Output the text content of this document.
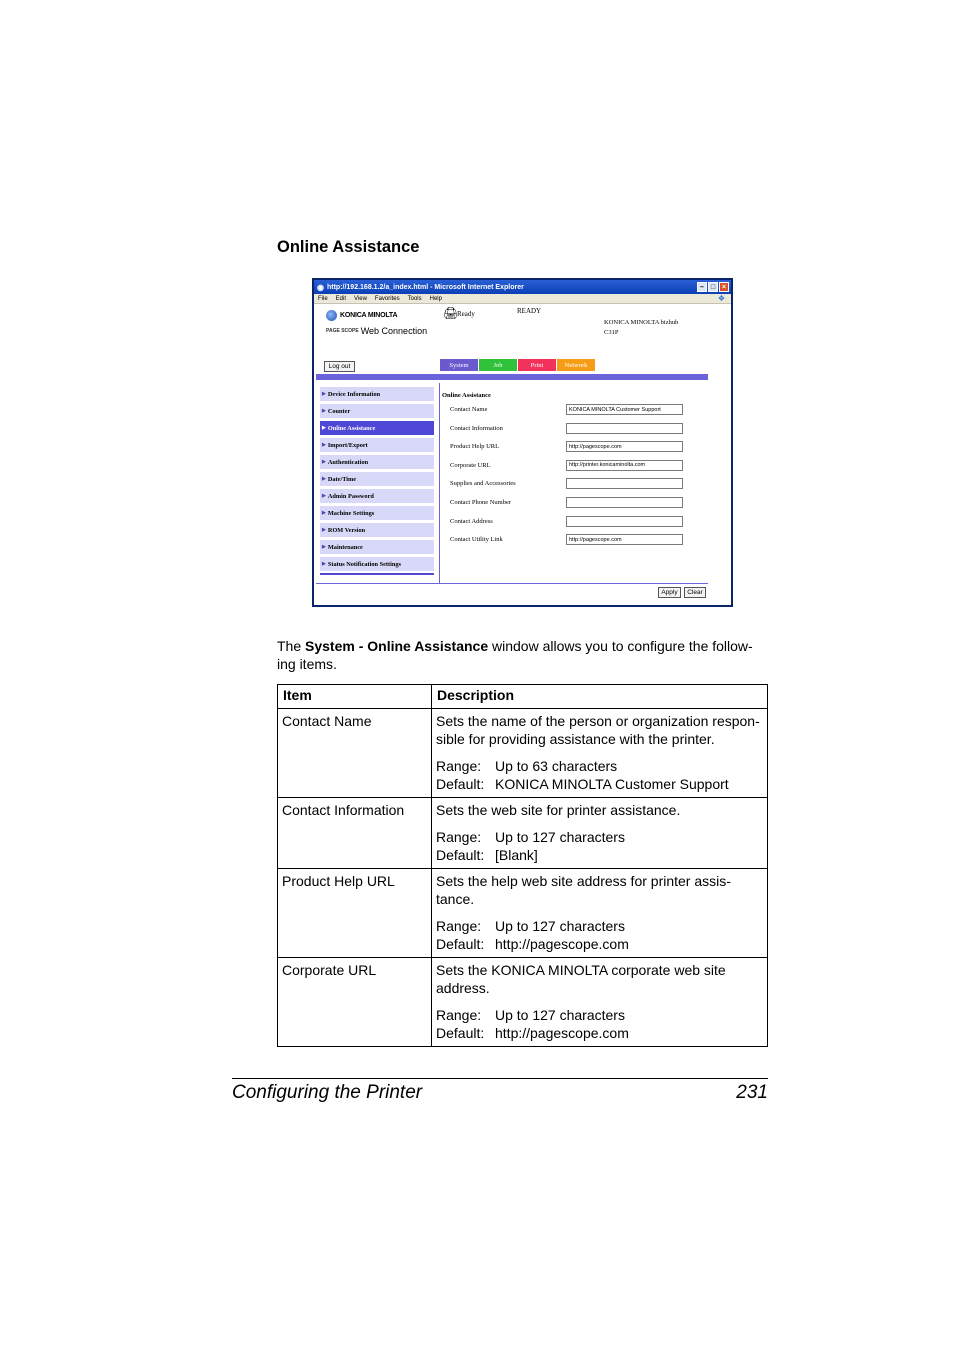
Online Assistance
◉ http://192.168.1.2/a_index.html - Microsoft Internet Explorer	– □ ×
File Edit View Favorites Tools Help	❖
KONICA MINOLTA
PAGE SCOPE Web Connection
🖨
Ready	READY
KONICA MINOLTA bizhub
C31P
Log out	System	Job	Print	Network
▶ Device Information
▶ Counter
▶ Online Assistance
▶ Import/Export
▶ Authentication
▶ Date/Time
▶ Admin Password
▶ Machine Settings
▶ ROM Version
▶ Maintenance
▶ Status Notification Settings
Online Assistance
Contact Name	KONICA MINOLTA Customer Support
Contact Information
Product Help URL	http://pagescope.com
Corporate URL	http://printer.konicaminolta.com
Supplies and Accessories
Contact Phone Number
Contact Address
Contact Utility Link	http://pagescope.com
Apply	Clear

The System - Online Assistance window allows you to configure the follow-ing items.

Item	Description
Contact Name	Sets the name of the person or organization respon-sible for providing assistance with the printer.

Range: Up to 63 characters

Default: KONICA MINOLTA Customer Support

Contact Information	Sets the web site for printer assistance.

Range: Up to 127 characters

Default: [Blank]

Product Help URL	Sets the help web site address for printer assis-tance.

Range: Up to 127 characters

Default: http://pagescope.com

Corporate URL	Sets the KONICA MINOLTA corporate web site address.

Range: Up to 127 characters

Default: http://pagescope.com

Configuring the Printer	231
